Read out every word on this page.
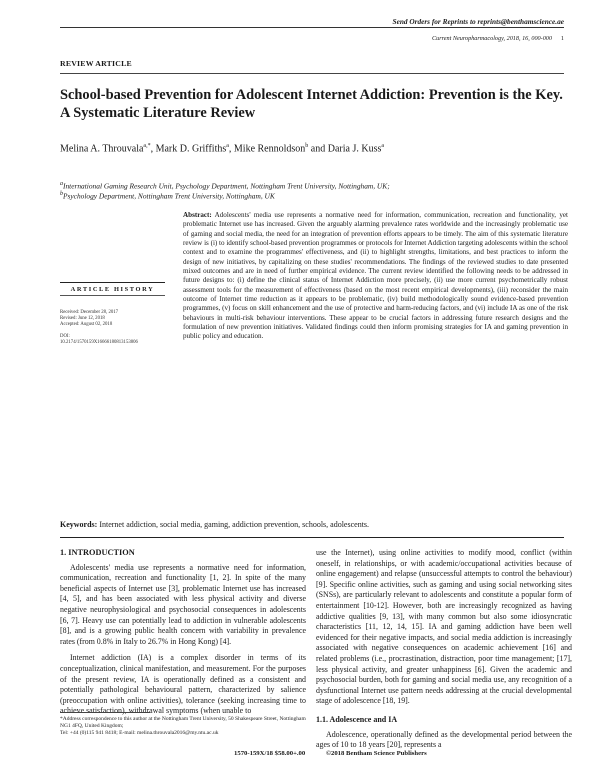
Send Orders for Reprints to reprints@benthamscience.ae
Current Neuropharmacology, 2018, 16, 000-000 1
REVIEW ARTICLE
School-based Prevention for Adolescent Internet Addiction: Prevention is the Key. A Systematic Literature Review
Melina A. Throuvala$^{a,*}$, Mark D. Griffiths$^a$, Mike Rennoldson$^b$ and Daria J. Kuss$^a$
$^a$International Gaming Research Unit, Psychology Department, Nottingham Trent University, Nottingham, UK;
$^b$Psychology Department, Nottingham Trent University, Nottingham, UK
ARTICLE HISTORY
Received: December 28, 2017
Revised: June 12, 2018
Accepted: August 02, 2018
DOI:
10.2174/1570159X16666180813153806
Abstract: Adolescents' media use represents a normative need for information, communication, recreation and functionality, yet problematic Internet use has increased. Given the arguably alarming prevalence rates worldwide and the increasingly problematic use of gaming and social media, the need for an integration of prevention efforts appears to be timely. The aim of this systematic literature review is (i) to identify school-based prevention programmes or protocols for Internet Addiction targeting adolescents within the school context and to examine the programmes' effectiveness, and (ii) to highlight strengths, limitations, and best practices to inform the design of new initiatives, by capitalizing on these studies' recommendations. The findings of the reviewed studies to date presented mixed outcomes and are in need of further empirical evidence. The current review identified the following needs to be addressed in future designs to: (i) define the clinical status of Internet Addiction more precisely, (ii) use more current psychometrically robust assessment tools for the measurement of effectiveness (based on the most recent empirical developments), (iii) reconsider the main outcome of Internet time reduction as it appears to be problematic, (iv) build methodologically sound evidence-based prevention programmes, (v) focus on skill enhancement and the use of protective and harm-reducing factors, and (vi) include IA as one of the risk behaviours in multi-risk behaviour interventions. These appear to be crucial factors in addressing future research designs and the formulation of new prevention initiatives. Validated findings could then inform promising strategies for IA and gaming prevention in public policy and education.
Keywords: Internet addiction, social media, gaming, addiction prevention, schools, adolescents.
1. INTRODUCTION

Adolescents' media use represents a normative need for information, communication, recreation and functionality [1, 2]. In spite of the many beneficial aspects of Internet use [3], problematic Internet use has increased [4, 5], and has been associated with less physical activity and diverse negative neurophysiological and psychosocial consequences in adolescents [6, 7]. Heavy use can potentially lead to addiction in vulnerable adolescents [8], and is a growing public health concern with variability in prevalence rates (from 0.8% in Italy to 26.7% in Hong Kong) [4].

Internet addiction (IA) is a complex disorder in terms of its conceptualization, clinical manifestation, and measurement. For the purposes of the present review, IA is operationally defined as a consistent and potentially pathological behavioural pattern, characterized by salience (preoccupation with online activities), tolerance (seeking increasing time to achieve satisfaction), withdrawal symptoms (when unable to

use the Internet), using online activities to modify mood, conflict (within oneself, in relationships, or with academic/occupational activities because of online engagement) and relapse (unsuccessful attempts to control the behaviour) [9]. Specific online activities, such as gaming and using social networking sites (SNSs), are particularly relevant to adolescents and constitute a popular form of entertainment [10-12]. However, both are increasingly recognized as having addictive qualities [9, 13], with many common but also some idiosyncratic characteristics [11, 12, 14, 15]. IA and gaming addiction have been well evidenced for their negative impacts, and social media addiction is increasingly associated with negative consequences on academic achievement [16] and related problems (i.e., procrastination, distraction, poor time management; [17], less physical activity, and greater unhappiness [6]. Given the academic and psychosocial burden, both for gaming and social media use, any recognition of a dysfunctional Internet use pattern needs addressing at the crucial developmental stage of adolescence [18, 19].

1.1. Adolescence and IA

Adolescence, operationally defined as the developmental period between the ages of 10 to 18 years [20], represents a

*Address correspondence to this author at the Nottingham Trent University, 50 Shakespeare Street, Nottingham NG1 4FQ, United Kingdom;
Tel: +44 (0)115 941 8418; E-mail: melina.throuvala2016@my.ntu.ac.uk
1570-159X/18 $58.00+.00	©2018 Bentham Science Publishers
